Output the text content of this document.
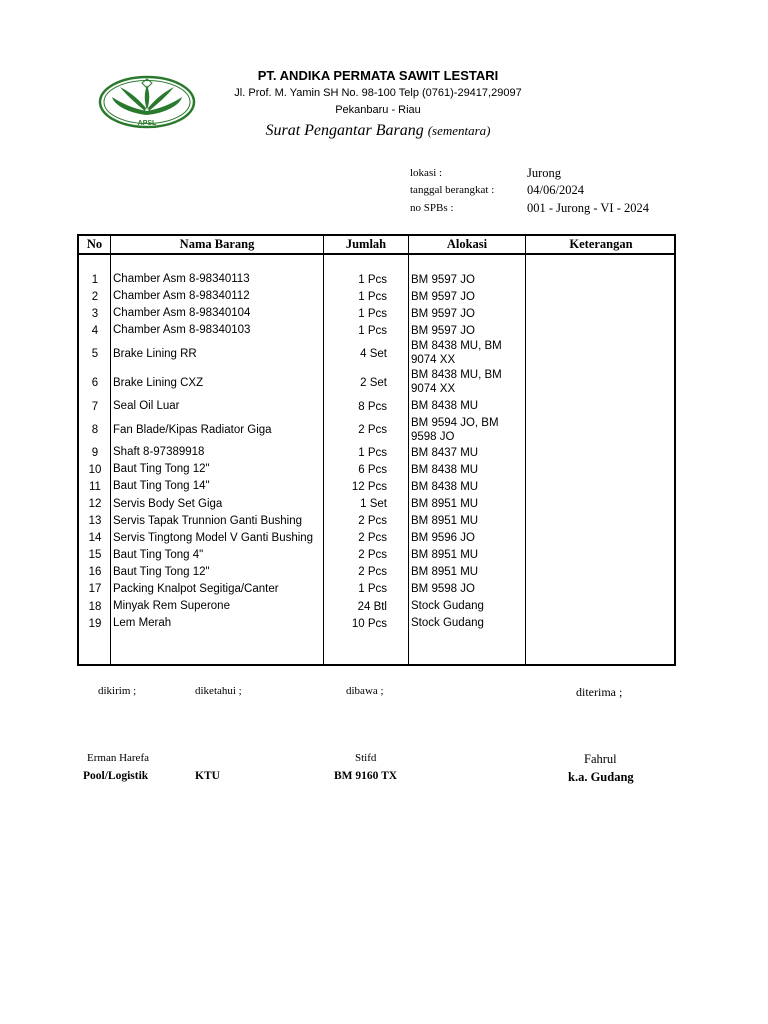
APSL
PT. ANDIKA PERMATA SAWIT LESTARI
Jl. Prof. M. Yamin SH No. 98-100 Telp (0761)-29417,29097
Pekanbaru - Riau
Surat Pengantar Barang (sementara)
lokasi :	Jurong
tanggal berangkat :	04/06/2024
no SPBs :	001 - Jurong - VI - 2024
No	Nama Barang	Jumlah	Alokasi	Keterangan
1	Chamber Asm 8-98340113	1 Pcs BM 9597 JO
2	Chamber Asm 8-98340112	1 Pcs BM 9597 JO
3	Chamber Asm 8-98340104	1 Pcs BM 9597 JO
4	Chamber Asm 8-98340103	1 Pcs BM 9597 JO
5	Brake Lining RR	4 Set
BM 8438 MU, BM
9074 XX
6	Brake Lining CXZ	2 Set
BM 8438 MU, BM
9074 XX
7	Seal Oil Luar	8 Pcs BM 8438 MU
8	Fan Blade/Kipas Radiator Giga	2 Pcs
BM 9594 JO, BM
9598 JO
9	Shaft 8-97389918	1 Pcs BM 8437 MU
10	Baut Ting Tong 12"	6 Pcs BM 8438 MU
11	Baut Ting Tong 14"	12 Pcs BM 8438 MU
12	Servis Body Set Giga	1 Set BM 8951 MU
13	Servis Tapak Trunnion Ganti Bushing	2 Pcs BM 8951 MU
14	Servis Tingtong Model V Ganti Bushing	2 Pcs BM 9596 JO
15	Baut Ting Tong 4"	2 Pcs BM 8951 MU
16	Baut Ting Tong 12"	2 Pcs BM 8951 MU
17	Packing Knalpot Segitiga/Canter	1 Pcs BM 9598 JO
18	Minyak Rem Superone	24 Btl Stock Gudang
19	Lem Merah	10 Pcs Stock Gudang
dikirim ;	diketahui ;	dibawa ;	diterima ;
Erman Harefa	Stifd	Fahrul
Pool/Logistik	KTU	BM 9160 TX	k.a. Gudang
